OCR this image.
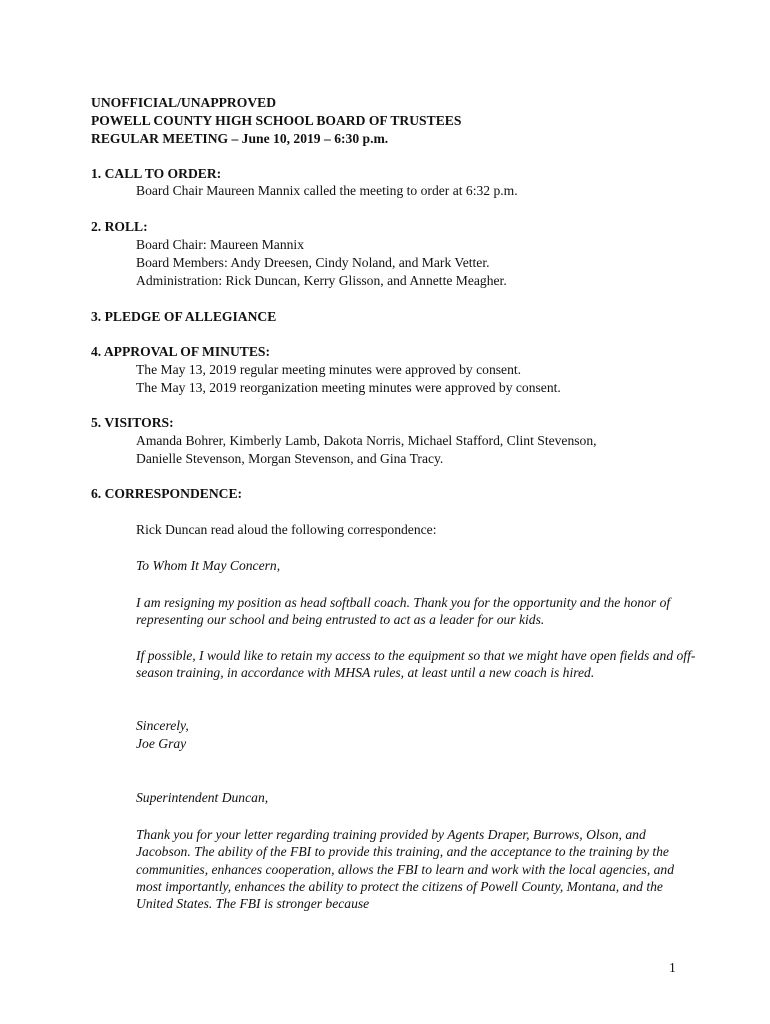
UNOFFICIAL/UNAPPROVED
POWELL COUNTY HIGH SCHOOL BOARD OF TRUSTEES
REGULAR MEETING – June 10, 2019 – 6:30 p.m.
1. CALL TO ORDER:
Board Chair Maureen Mannix called the meeting to order at 6:32 p.m.
2. ROLL:
Board Chair: Maureen Mannix
Board Members: Andy Dreesen, Cindy Noland, and Mark Vetter.
Administration: Rick Duncan, Kerry Glisson, and Annette Meagher.
3. PLEDGE OF ALLEGIANCE
4. APPROVAL OF MINUTES:
The May 13, 2019 regular meeting minutes were approved by consent.
The May 13, 2019 reorganization meeting minutes were approved by consent.
5. VISITORS:
Amanda Bohrer, Kimberly Lamb, Dakota Norris, Michael Stafford, Clint Stevenson,
Danielle Stevenson, Morgan Stevenson, and Gina Tracy.
6. CORRESPONDENCE:
Rick Duncan read aloud the following correspondence:
To Whom It May Concern,
I am resigning my position as head softball coach. Thank you for the opportunity and the honor of representing our school and being entrusted to act as a leader for our kids.
If possible, I would like to retain my access to the equipment so that we might have open fields and off-season training, in accordance with MHSA rules, at least until a new coach is hired.
Sincerely,
Joe Gray
Superintendent Duncan,
Thank you for your letter regarding training provided by Agents Draper, Burrows, Olson, and Jacobson. The ability of the FBI to provide this training, and the acceptance to the training by the communities, enhances cooperation, allows the FBI to learn and work with the local agencies, and most importantly, enhances the ability to protect the citizens of Powell County, Montana, and the United States. The FBI is stronger because
1
